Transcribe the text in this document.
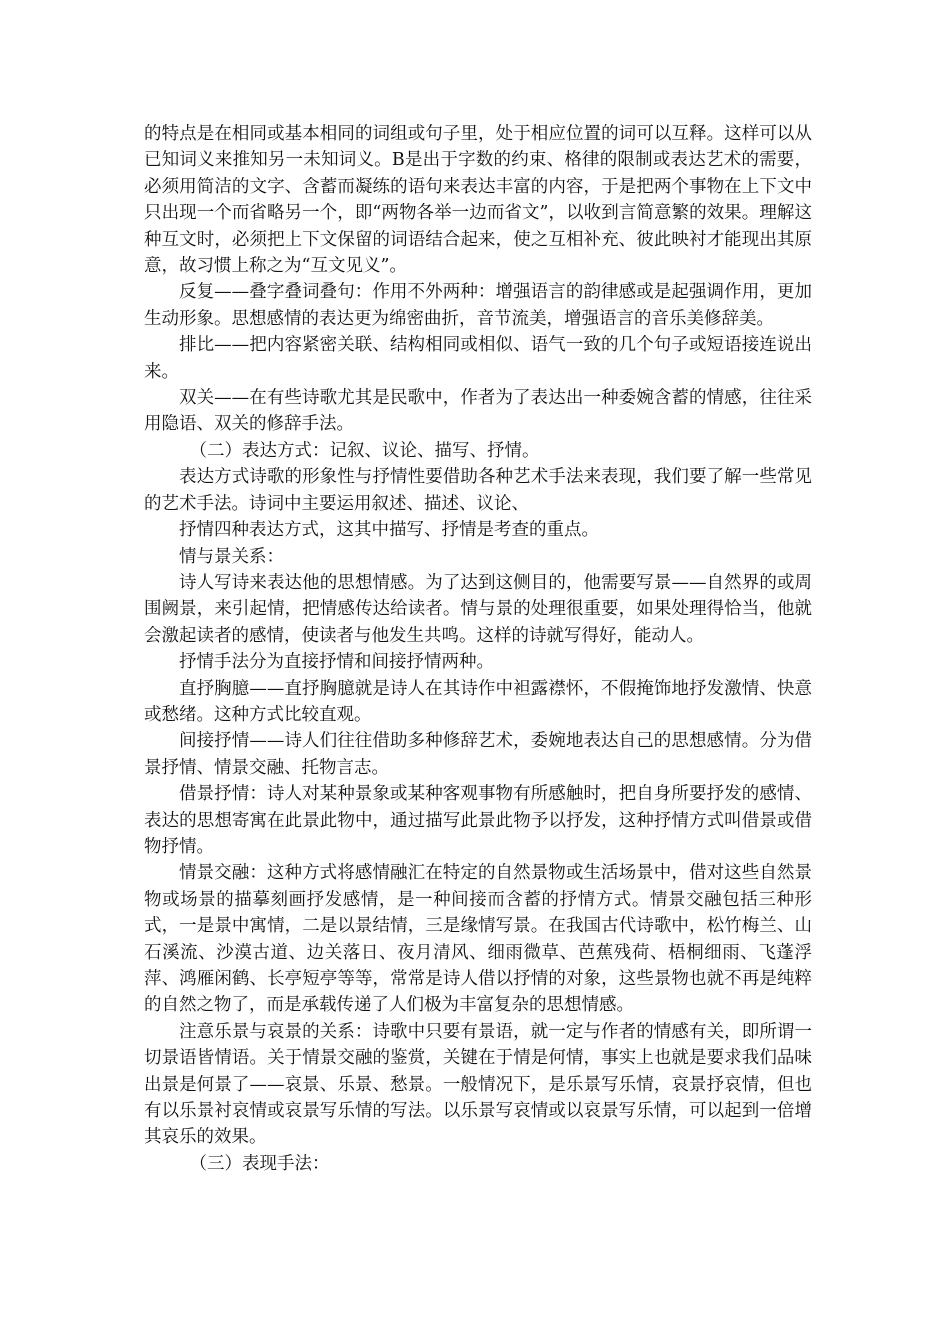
的特点是在相同或基本相同的词组或句子里，处于相应位置的词可以互释。这样可以从已知词义来推知另一未知词义。B是出于字数的约束、格律的限制或表达艺术的需要，必须用简洁的文字、含蓄而凝练的语句来表达丰富的内容，于是把两个事物在上下文中只出现一个而省略另一个，即“两物各举一边而省文”，以收到言简意繁的效果。理解这种互文时，必须把上下文保留的词语结合起来，使之互相补充、彼此映衬才能现出其原意，故习惯上称之为“互文见义”。

反复——叠字叠词叠句：作用不外两种：增强语言的韵律感或是起强调作用，更加生动形象。思想感情的表达更为绵密曲折，音节流美，增强语言的音乐美修辞美。

排比——把内容紧密关联、结构相同或相似、语气一致的几个句子或短语接连说出来。

双关——在有些诗歌尤其是民歌中，作者为了表达出一种委婉含蓄的情感，往往采用隐语、双关的修辞手法。

（二）表达方式：记叙、议论、描写、抒情。

表达方式诗歌的形象性与抒情性要借助各种艺术手法来表现，我们要了解一些常见的艺术手法。诗词中主要运用叙述、描述、议论、

抒情四种表达方式，这其中描写、抒情是考查的重点。

情与景关系：

诗人写诗来表达他的思想情感。为了达到这侧目的，他需要写景——自然界的或周围阙景，来引起情，把情感传达给读者。情与景的处理很重要，如果处理得恰当，他就会激起读者的感情，使读者与他发生共鸣。这样的诗就写得好，能动人。

抒情手法分为直接抒情和间接抒情两种。

直抒胸臆——直抒胸臆就是诗人在其诗作中袒露襟怀，不假掩饰地抒发激情、快意或愁绪。这种方式比较直观。

间接抒情——诗人们往往借助多种修辞艺术，委婉地表达自己的思想感情。分为借景抒情、情景交融、托物言志。

借景抒情：诗人对某种景象或某种客观事物有所感触时，把自身所要抒发的感情、表达的思想寄寓在此景此物中，通过描写此景此物予以抒发，这种抒情方式叫借景或借物抒情。

情景交融：这种方式将感情融汇在特定的自然景物或生活场景中，借对这些自然景物或场景的描摹刻画抒发感情，是一种间接而含蓄的抒情方式。情景交融包括三种形式，一是景中寓情，二是以景结情，三是缘情写景。在我国古代诗歌中，松竹梅兰、山石溪流、沙漠古道、边关落日、夜月清风、细雨微草、芭蕉残荷、梧桐细雨、飞蓬浮萍、鸿雁闲鹤、长亭短亭等等，常常是诗人借以抒情的对象，这些景物也就不再是纯粹的自然之物了，而是承载传递了人们极为丰富复杂的思想情感。

注意乐景与哀景的关系：诗歌中只要有景语，就一定与作者的情感有关，即所谓一切景语皆情语。关于情景交融的鉴赏，关键在于情是何情，事实上也就是要求我们品味出景是何景了——哀景、乐景、愁景。一般情况下，是乐景写乐情，哀景抒哀情，但也有以乐景衬哀情或哀景写乐情的写法。以乐景写哀情或以哀景写乐情，可以起到一倍增其哀乐的效果。

（三）表现手法：
